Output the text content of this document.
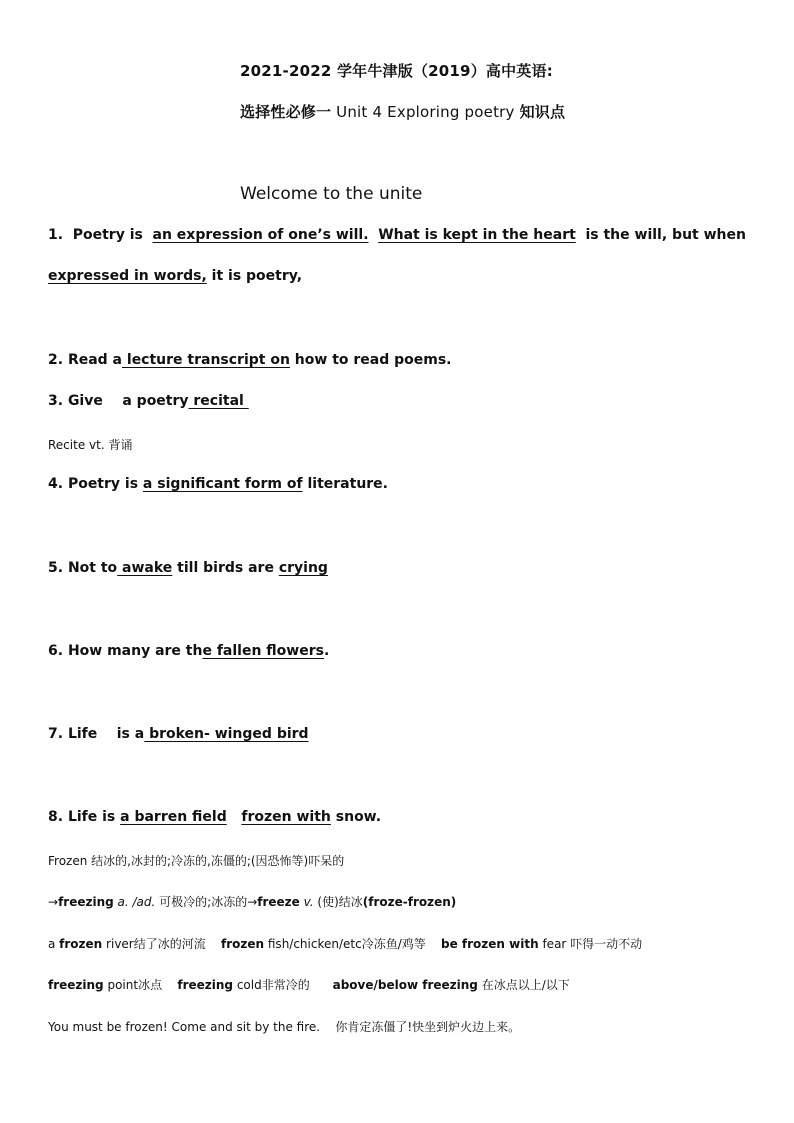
2021-2022 学年牛津版（2019）高中英语:
选择性必修一 Unit 4 Exploring poetry 知识点
Welcome to the unite
1. Poetry is an expression of one’s will. What is kept in the heart is the will, but when
expressed in words, it is poetry,
2. Read a lecture transcript on how to read poems.
3. Give    a poetry recital
Recite vt. 背诵
4. Poetry is a significant form of literature.
5. Not to awake till birds are crying
6. How many are the fallen flowers.
7. Life    is a broken- winged bird
8. Life is a barren field frozen with snow.
Frozen 结冰的,冰封的;冷冻的,冻僵的;(因恐怖等)吓呆的
→freezing a. /ad. 可极冷的;冰冻的→freeze v. (使)结冰(froze-frozen)
a frozen river结了冰的河流    frozen fish/chicken/etc冷冻鱼/鸡等    be frozen with fear 吓得一动不动
freezing point冰点    freezing cold非常冷的      above/below freezing 在冰点以上/以下
You must be frozen! Come and sit by the fire.    你肯定冻僵了!快坐到炉火边上来。
